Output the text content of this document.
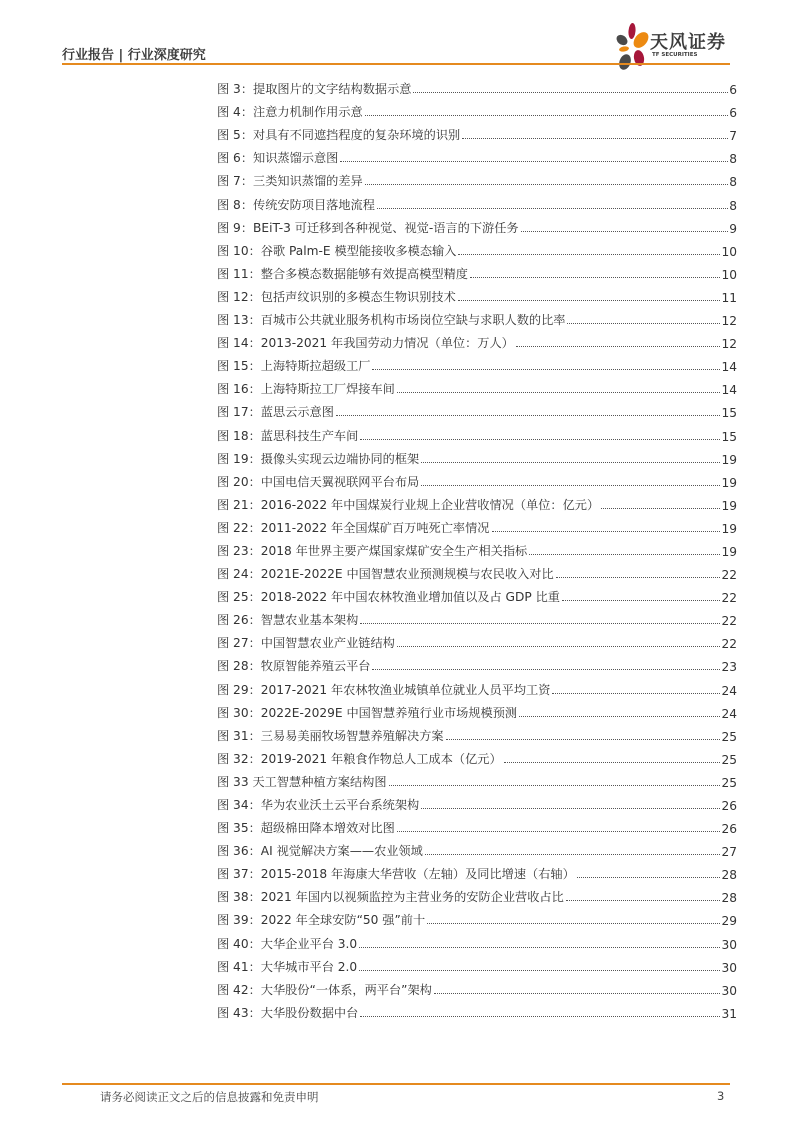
行业报告 | 行业深度研究
天风证券
TF SECURITIES
图 3：提取图片的文字结构数据示意	6
图 4：注意力机制作用示意	6
图 5：对具有不同遮挡程度的复杂环境的识别	7
图 6：知识蒸馏示意图	8
图 7：三类知识蒸馏的差异	8
图 8：传统安防项目落地流程	8
图 9：BEiT-3 可迁移到各种视觉、视觉-语言的下游任务	9
图 10：谷歌 Palm-E 模型能接收多模态输入	10
图 11：整合多模态数据能够有效提高模型精度	10
图 12：包括声纹识别的多模态生物识别技术	11
图 13：百城市公共就业服务机构市场岗位空缺与求职人数的比率	12
图 14：2013-2021 年我国劳动力情况（单位：万人）	12
图 15：上海特斯拉超级工厂	14
图 16：上海特斯拉工厂焊接车间	14
图 17：蓝思云示意图	15
图 18：蓝思科技生产车间	15
图 19：摄像头实现云边端协同的框架	19
图 20：中国电信天翼视联网平台布局	19
图 21：2016-2022 年中国煤炭行业规上企业营收情况（单位：亿元）	19
图 22：2011-2022 年全国煤矿百万吨死亡率情况	19
图 23：2018 年世界主要产煤国家煤矿安全生产相关指标	19
图 24：2021E-2022E 中国智慧农业预测规模与农民收入对比	22
图 25：2018-2022 年中国农林牧渔业增加值以及占 GDP 比重	22
图 26：智慧农业基本架构	22
图 27：中国智慧农业产业链结构	22
图 28：牧原智能养殖云平台	23
图 29：2017-2021 年农林牧渔业城镇单位就业人员平均工资	24
图 30：2022E-2029E 中国智慧养殖行业市场规模预测	24
图 31：三易易美丽牧场智慧养殖解决方案	25
图 32：2019-2021 年粮食作物总人工成本（亿元）	25
图 33 天工智慧种植方案结构图	25
图 34：华为农业沃土云平台系统架构	26
图 35：超级棉田降本增效对比图	26
图 36：AI 视觉解决方案——农业领域	27
图 37：2015-2018 年海康大华营收（左轴）及同比增速（右轴）	28
图 38：2021 年国内以视频监控为主营业务的安防企业营收占比	28
图 39：2022 年全球安防“50 强”前十	29
图 40：大华企业平台 3.0	30
图 41：大华城市平台 2.0	30
图 42：大华股份“一体系，两平台”架构	30
图 43：大华股份数据中台	31
请务必阅读正文之后的信息披露和免责申明	3
